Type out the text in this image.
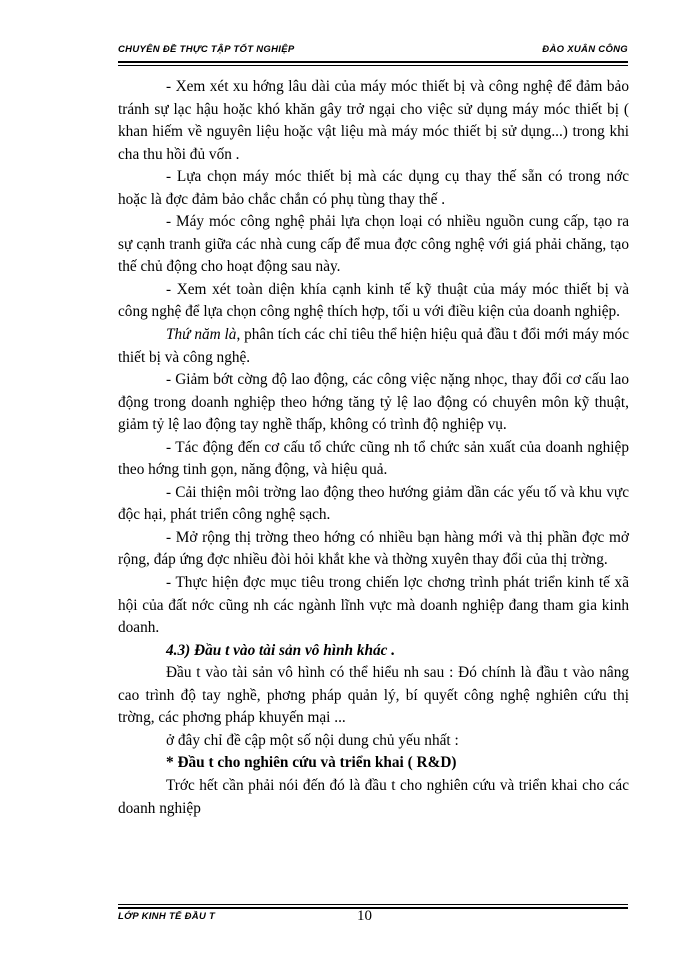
CHUYÊN ĐỀ THỰC TẬP TỐT NGHIỆP	ĐÀO XUÂN CÔNG

- Xem xét xu hớng lâu dài của máy móc thiết bị và công nghệ để đảm bảo tránh sự lạc hậu hoặc khó khăn gây trở ngại cho việc sử dụng máy móc thiết bị ( khan hiếm về nguyên liệu hoặc vật liệu mà máy móc thiết bị sử dụng...) trong khi cha thu hồi đủ vốn .

- Lựa chọn máy móc thiết bị mà các dụng cụ thay thế sẵn có trong nớc hoặc là đợc đảm bảo chắc chắn có phụ tùng thay thế .

- Máy móc công nghệ phải lựa chọn loại có nhiều nguồn cung cấp, tạo ra sự cạnh tranh giữa các nhà cung cấp để mua đợc công nghệ với giá phải chăng, tạo thế chủ động cho hoạt động sau này.

- Xem xét toàn diện khía cạnh kinh tế kỹ thuật của máy móc thiết bị và công nghệ để lựa chọn công nghệ thích hợp, tối u với điều kiện của doanh nghiệp.

Thứ năm là, phân tích các chỉ tiêu thể hiện hiệu quả đầu t đổi mới máy móc thiết bị và công nghệ.

- Giảm bớt cờng độ lao động, các công việc nặng nhọc, thay đổi cơ cấu lao động trong doanh nghiệp theo hớng tăng tỷ lệ lao động có chuyên môn kỹ thuật, giảm tỷ lệ lao động tay nghề thấp, không có trình độ nghiệp vụ.

- Tác động đến cơ cấu tổ chức cũng nh tổ chức sản xuất của doanh nghiệp theo hớng tinh gọn, năng động, và hiệu quả.

- Cải thiện môi trờng lao động theo hướng giảm dần các yếu tố và khu vực độc hại, phát triển công nghệ sạch.

- Mở rộng thị trờng theo hớng có nhiều bạn hàng mới và thị phần đợc mở rộng, đáp ứng đợc nhiều đòi hỏi khắt khe và thờng xuyên thay đổi của thị trờng.

- Thực hiện đợc mục tiêu trong chiến lợc chơng trình phát triển kinh tế xã hội của đất nớc cũng nh các ngành lĩnh vực mà doanh nghiệp đang tham gia kinh doanh.

4.3) Đầu t vào tài sản vô hình khác .

Đầu t vào tài sản vô hình có thể hiểu nh sau : Đó chính là đầu t vào nâng cao trình độ tay nghề, phơng pháp quản lý, bí quyết công nghệ nghiên cứu thị trờng, các phơng pháp khuyến mại ...

ở đây chỉ đề cập một số nội dung chủ yếu nhất :

* Đầu t cho nghiên cứu và triển khai ( R&D)

Trớc hết cần phải nói đến đó là đầu t cho nghiên cứu và triển khai cho các doanh nghiệp

LỚP KINH TẾ ĐẦU T	10
